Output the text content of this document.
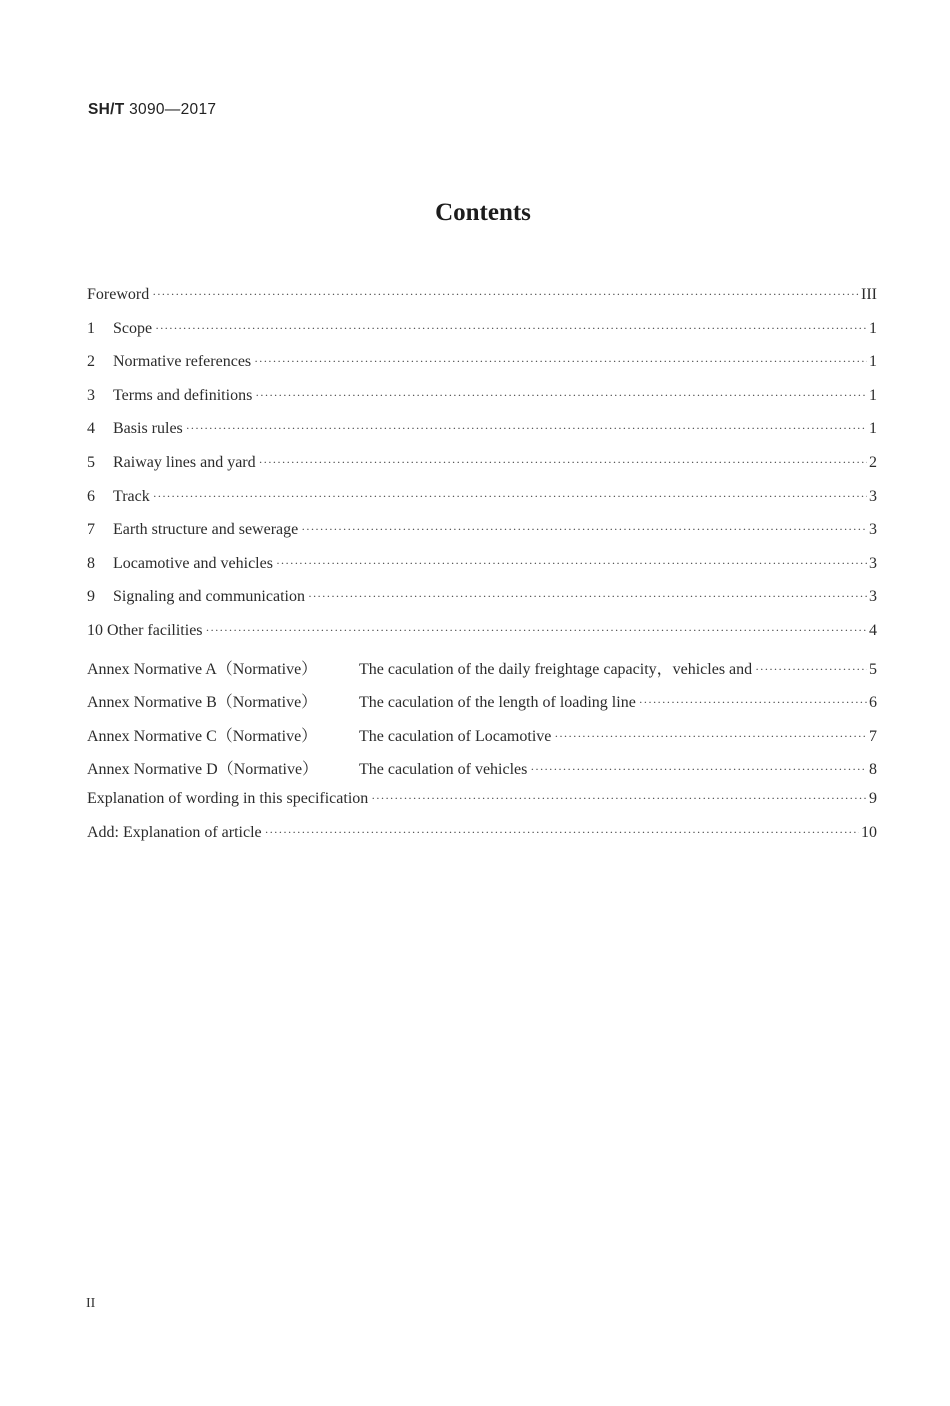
SH/T 3090—2017
Contents
Foreword ·····	III
1	Scope ·····	1
2	Normative references ·····	1
3	Terms and definitions ·····	1
4	Basis rules ·····	1
5	Raiway lines and yard ·····	2
6	Track ·····	3
7	Earth structure and sewerage ·····	3
8	Locamotive and vehicles ·····	3
9	Signaling and communication ·····	3
10 Other facilities ·····	4
Annex Normative A（Normative）	The caculation of the daily freightage capacity，vehicles and ·····	5
Annex Normative B（Normative）	The caculation of the length of loading line ·····	6
Annex Normative C（Normative）	The caculation of Locamotive ·····	7
Annex Normative D（Normative）	The caculation of vehicles ·····	8
Explanation of wording in this specification ·····	9
Add: Explanation of article ·····	10
II
